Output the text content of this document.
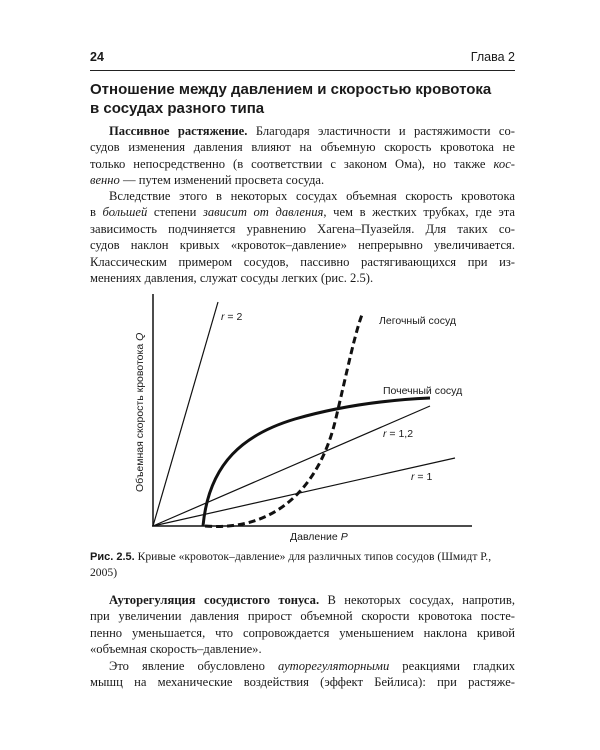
24	Глава 2
Отношение между давлением и скоростью кровотока
в сосудах разного типа
Пассивное растяжение. Благодаря эластичности и растяжимости со-
судов изменения давления влияют на объемную скорость кровотока не
только непосредственно (в соответствии с законом Ома), но также кос-
венно — путем изменений просвета сосуда.
Вследствие этого в некоторых сосудах объемная скорость кровотока
в большей степени зависит от давления, чем в жестких трубках, где эта
зависимость подчиняется уравнению Хагена–Пуазейля. Для таких со-
судов наклон кривых «кровоток–давление» непрерывно увеличивается.
Классическим примером сосудов, пассивно растягивающихся при из-
менениях давления, служат сосуды легких (рис. 2.5).
r = 2
r = 1,2
r = 1
Легочный сосуд
Почечный сосуд
Давление P
Объемная скорость кровотока Q
Рис. 2.5. Кривые «кровоток–давление» для различных типов сосудов (Шмидт Р.,
2005)
Ауторегуляция сосудистого тонуса. В некоторых сосудах, напротив,
при увеличении давления прирост объемной скорости кровотока посте-
пенно уменьшается, что сопровождается уменьшением наклона кривой
«объемная скорость–давление».
Это явление обусловлено ауторегуляторными реакциями гладких
мышц на механические воздействия (эффект Бейлиса): при растяже-
